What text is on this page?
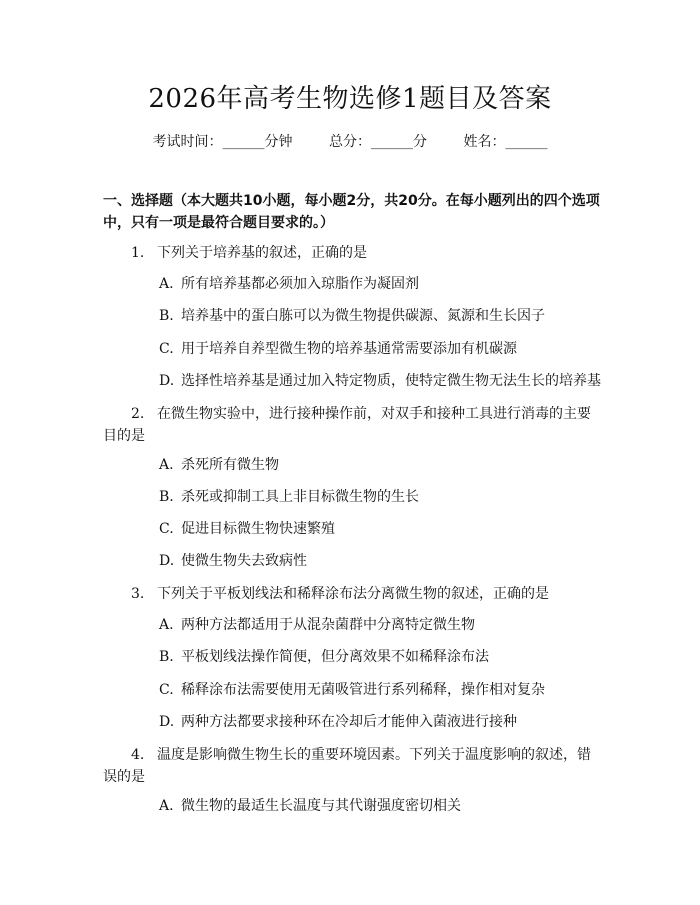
2026年高考生物选修1题目及答案
考试时间：______分钟	总分：______分	姓名：______

一、选择题（本大题共10小题，每小题2分，共20分。在每小题列出的四个选项中，只有一项是最符合题目要求的。）

1. 下列关于培养基的叙述，正确的是
A. 所有培养基都必须加入琼脂作为凝固剂
B. 培养基中的蛋白胨可以为微生物提供碳源、氮源和生长因子
C. 用于培养自养型微生物的培养基通常需要添加有机碳源
D. 选择性培养基是通过加入特定物质，使特定微生物无法生长的培养基
2. 在微生物实验中，进行接种操作前，对双手和接种工具进行消毒的主要目的是
A. 杀死所有微生物
B. 杀死或抑制工具上非目标微生物的生长
C. 促进目标微生物快速繁殖
D. 使微生物失去致病性
3. 下列关于平板划线法和稀释涂布法分离微生物的叙述，正确的是
A. 两种方法都适用于从混杂菌群中分离特定微生物
B. 平板划线法操作简便，但分离效果不如稀释涂布法
C. 稀释涂布法需要使用无菌吸管进行系列稀释，操作相对复杂
D. 两种方法都要求接种环在冷却后才能伸入菌液进行接种
4. 温度是影响微生物生长的重要环境因素。下列关于温度影响的叙述，错误的是
A. 微生物的最适生长温度与其代谢强度密切相关
